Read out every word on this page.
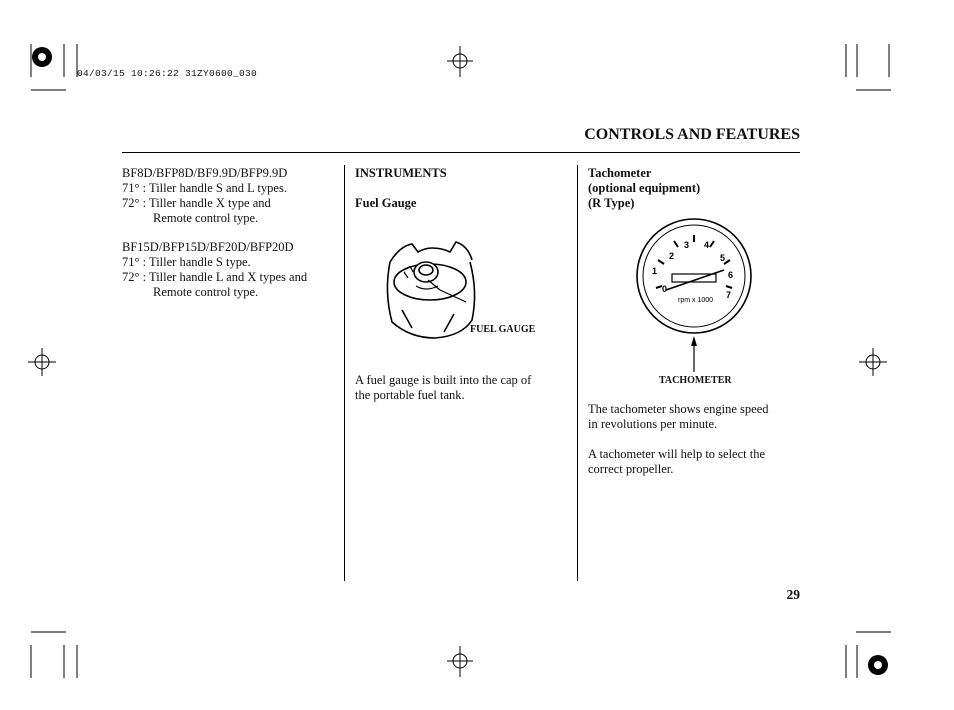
04/03/15 10:26:22 31ZY0600_030
CONTROLS AND FEATURES
BF8D/BFP8D/BF9.9D/BFP9.9D
71° : Tiller handle S and L types.
72° : Tiller handle X type and
Remote control type.
BF15D/BFP15D/BF20D/BFP20D
71° : Tiller handle S type.
72° : Tiller handle L and X types and
Remote control type.
INSTRUMENTS
Fuel Gauge
FUEL GAUGE
A fuel gauge is built into the cap of
the portable fuel tank.
Tachometer
(optional equipment)
(R Type)
0
1
2
3 4
5
6
7
rpm x 1000
TACHOMETER
The tachometer shows engine speed
in revolutions per minute.
A tachometer will help to select the
correct propeller.
29
